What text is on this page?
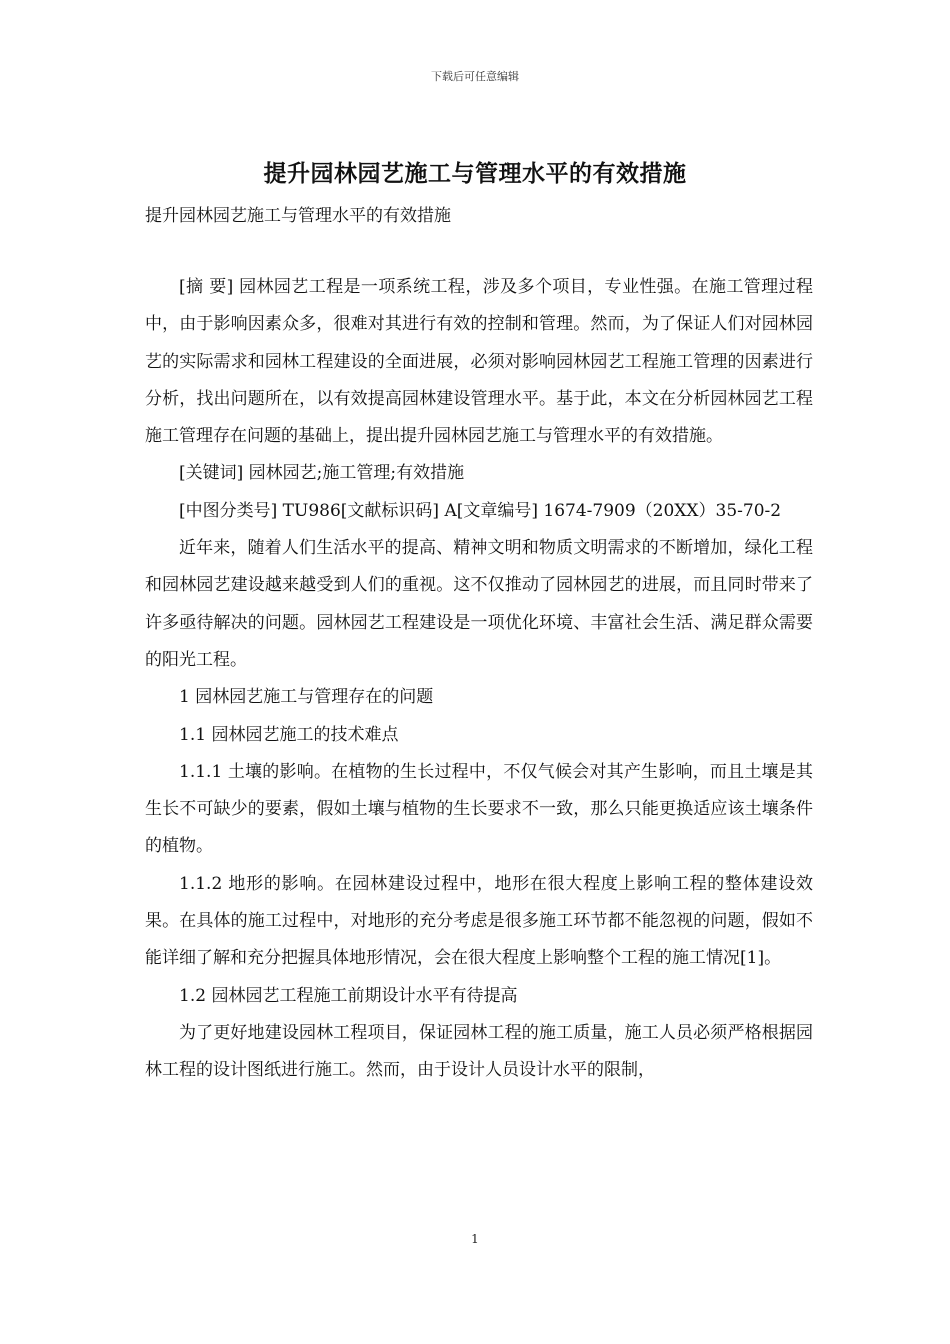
下载后可任意编辑
提升园林园艺施工与管理水平的有效措施

提升园林园艺施工与管理水平的有效措施

[摘 要] 园林园艺工程是一项系统工程，涉及多个项目，专业性强。在施工管理过程中，由于影响因素众多，很难对其进行有效的控制和管理。然而，为了保证人们对园林园艺的实际需求和园林工程建设的全面进展，必须对影响园林园艺工程施工管理的因素进行分析，找出问题所在，以有效提高园林建设管理水平。基于此，本文在分析园林园艺工程施工管理存在问题的基础上，提出提升园林园艺施工与管理水平的有效措施。

[关键词] 园林园艺;施工管理;有效措施

[中图分类号] TU986[文献标识码] A[文章编号] 1674-7909（20XX）35-70-2

近年来，随着人们生活水平的提高、精神文明和物质文明需求的不断增加，绿化工程和园林园艺建设越来越受到人们的重视。这不仅推动了园林园艺的进展，而且同时带来了许多亟待解决的问题。园林园艺工程建设是一项优化环境、丰富社会生活、满足群众需要的阳光工程。

1 园林园艺施工与管理存在的问题

1.1 园林园艺施工的技术难点

1.1.1 土壤的影响。在植物的生长过程中，不仅气候会对其产生影响，而且土壤是其生长不可缺少的要素，假如土壤与植物的生长要求不一致，那么只能更换适应该土壤条件的植物。

1.1.2 地形的影响。在园林建设过程中，地形在很大程度上影响工程的整体建设效果。在具体的施工过程中，对地形的充分考虑是很多施工环节都不能忽视的问题，假如不能详细了解和充分把握具体地形情况，会在很大程度上影响整个工程的施工情况[1]。

1.2 园林园艺工程施工前期设计水平有待提高

为了更好地建设园林工程项目，保证园林工程的施工质量，施工人员必须严格根据园林工程的设计图纸进行施工。然而，由于设计人员设计水平的限制，

1
